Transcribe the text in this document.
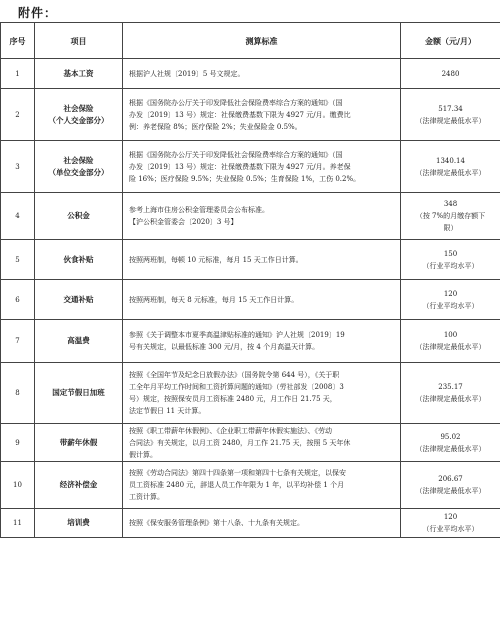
附件：
序号	项目	测算标准	金额（元/月）
1	基本工资	根据沪人社规〔2019〕5 号文规定。	2480

2	社会保险
（个人交金部分）	根据《国务院办公厅关于印发降低社会保险费率综合方案的通知》（国
办发〔2019〕13 号）规定：社保缴费基数下限为 4927 元/月。缴费比
例：养老保险 8%；医疗保险 2%；失业保险金 0.5%。	517.34
（法律规定最低水平）

3	社会保险
（单位交金部分）	根据《国务院办公厅关于印发降低社会保险费率综合方案的通知》（国
办发〔2019〕13 号）规定：社保缴费基数下限为 4927 元/月。养老保
险 16%；医疗保险 9.5%；失业保险 0.5%；生育保险 1%，工伤 0.2%。	1340.14
（法律规定最低水平）

4	公积金	参考上海市住房公积金管理委员会公布标准。
【沪公积金管委会〔2020〕3 号】	348
（按 7%的月缴存额下
限）

5	伙食补贴	按照两班制，每顿 10 元标准，每月 15 天工作日计算。	150
（行业平均水平）

6	交通补贴	按照两班制，每天 8 元标准，每月 15 天工作日计算。	120
（行业平均水平）

7	高温费	参照《关于调整本市夏季高温津贴标准的通知》沪人社规〔2019〕19
号有关规定，以最低标准 300 元/月，按 4 个月高温天计算。	100
（法律规定最低水平）

8	国定节假日加班	按照《全国年节及纪念日放假办法》（国务院令第 644 号），《关于职
工全年月平均工作时间和工资折算问题的通知》（劳社部发〔2008〕3
号）规定，按照保安员月工资标准 2480 元，月工作日 21.75 天，
法定节假日 11 天计算。	235.17
（法律规定最低水平）

9	带薪年休假	按照《职工带薪年休假例》、《企业职工带薪年休假实施法》、《劳动
合同法》有关规定，以月工资 2480，月工作 21.75 天，按照 5 天年休
假计算。	95.02
（法律规定最低水平）

10	经济补偿金	按照《劳动合同法》第四十四条第一项和第四十七条有关规定，以保安
员工资标准 2480 元，辞退人员工作年限为 1 年，以平均补偿 1 个月
工资计算。	206.67
（法律规定最低水平）

11	培训费	按照《保安服务管理条例》第十八条、十九条有关规定。	120
（行业平均水平）
